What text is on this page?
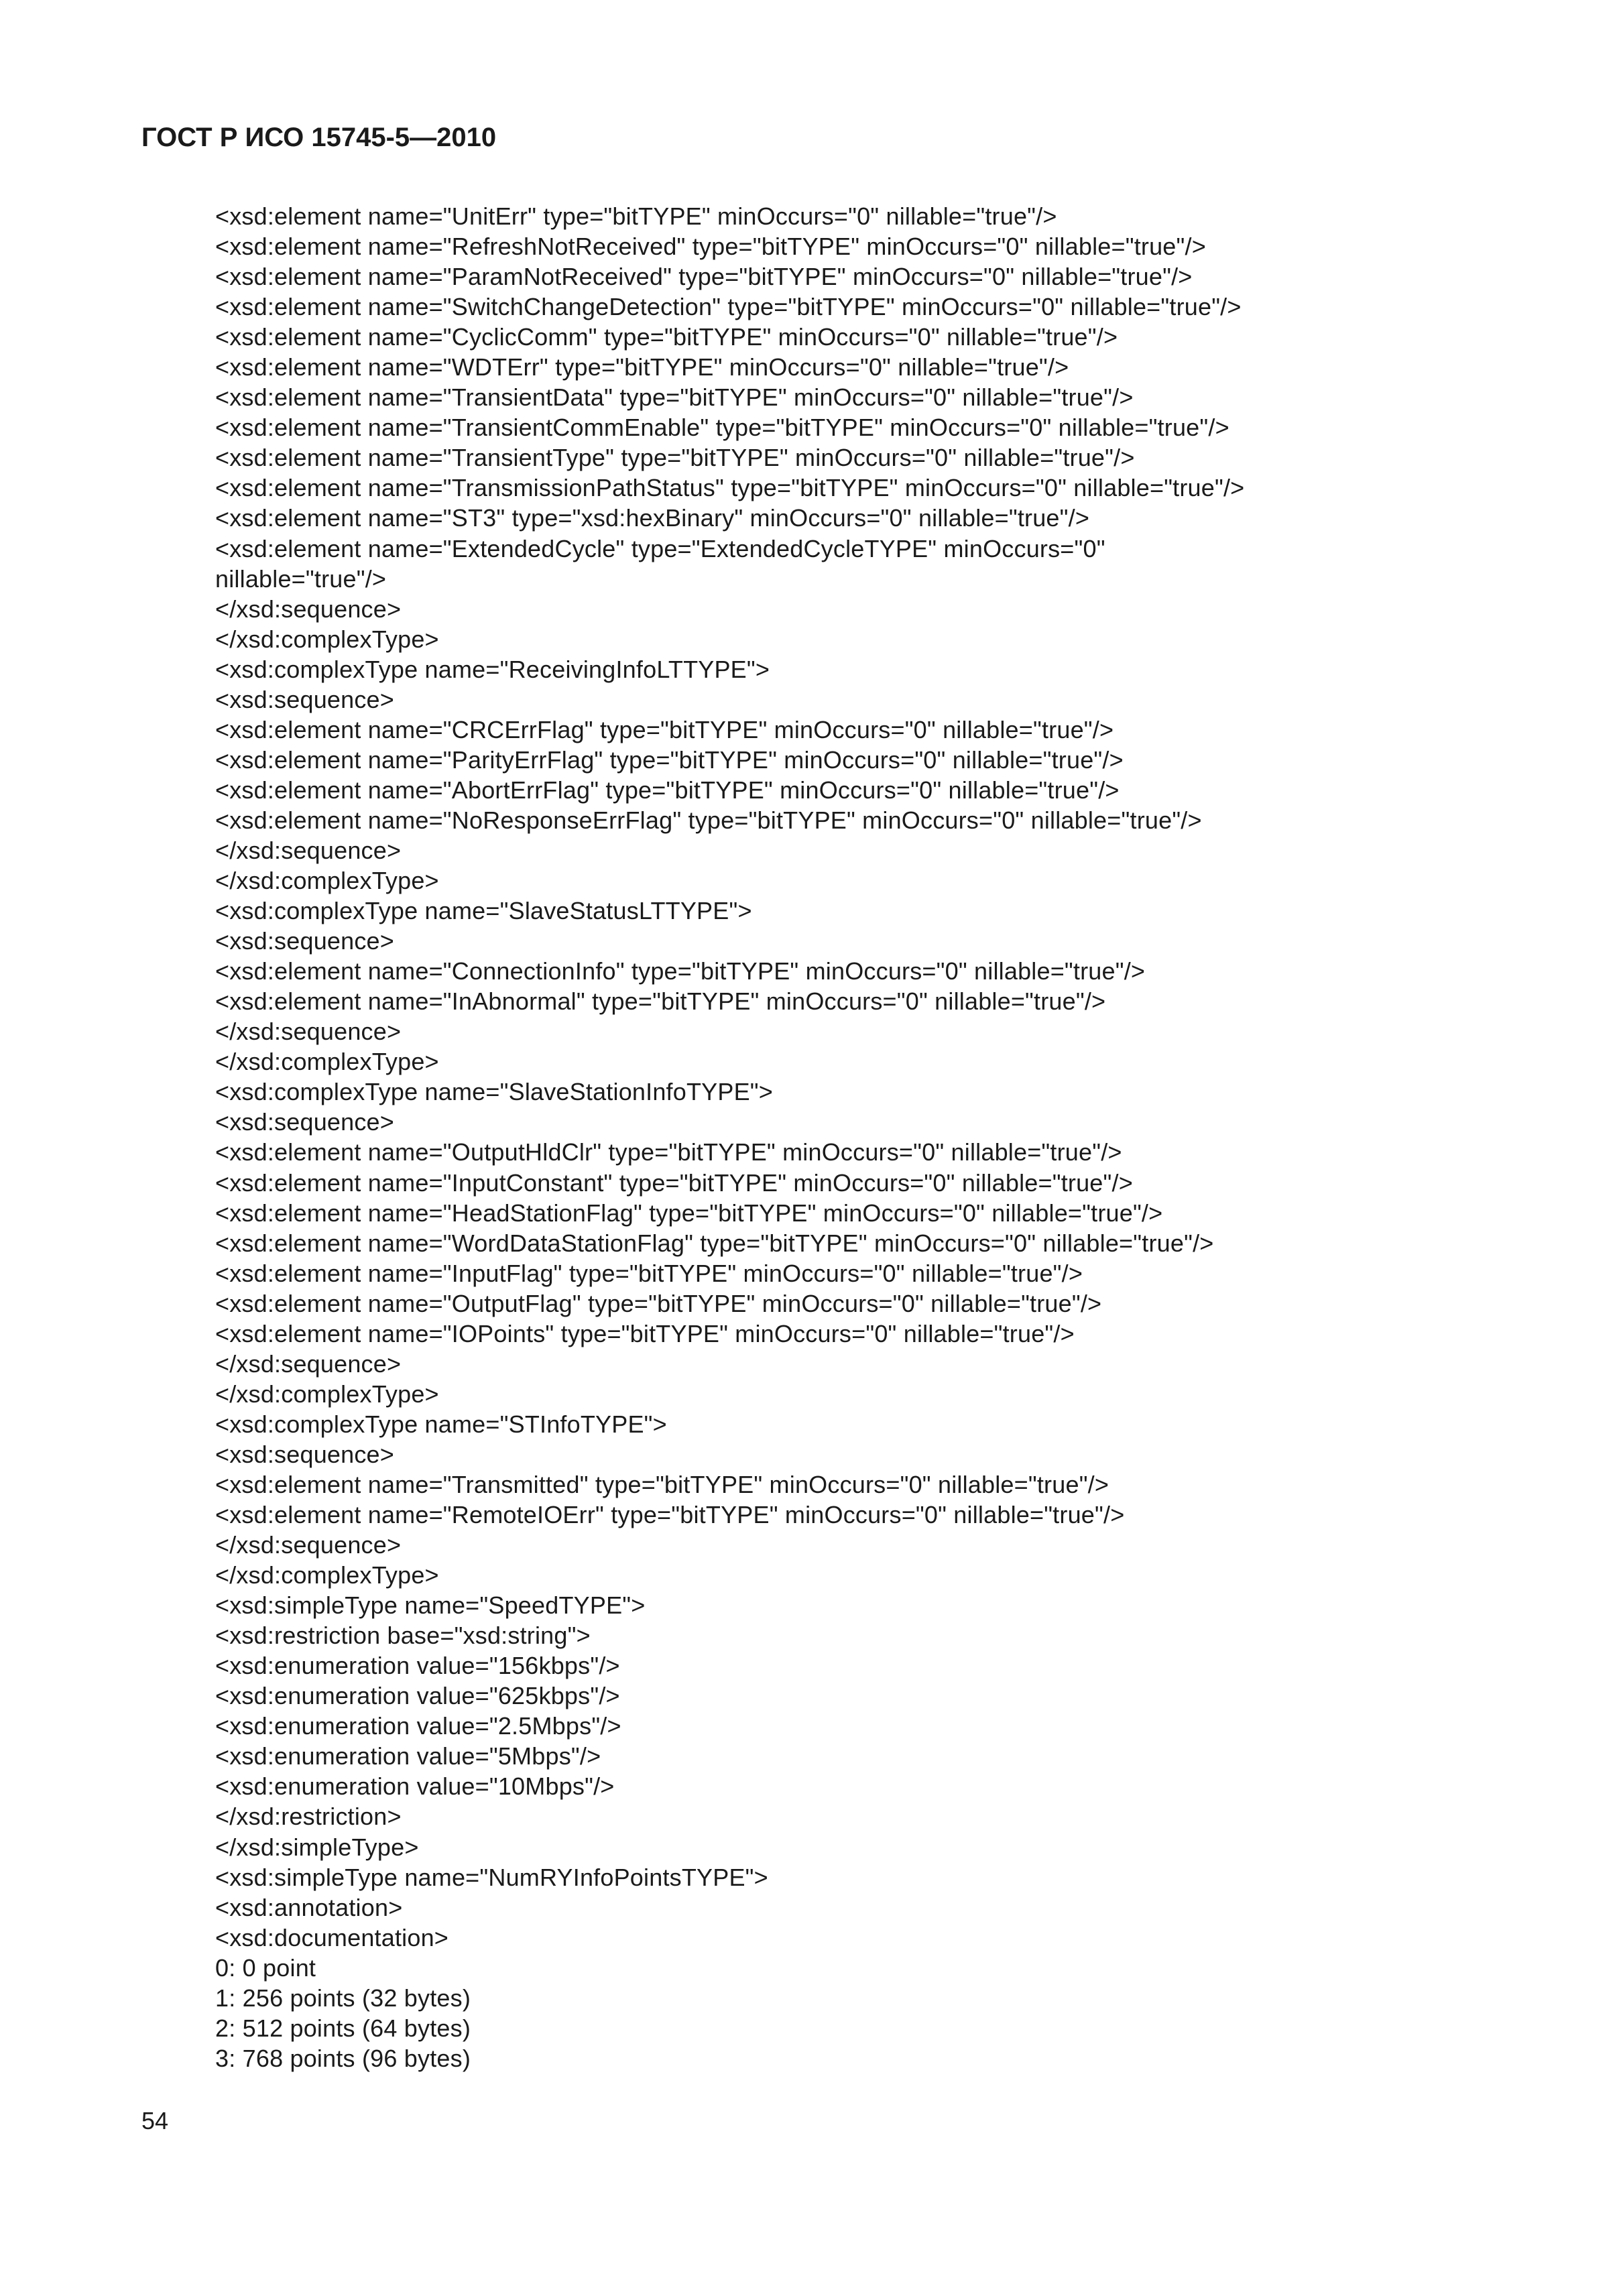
ГОСТ Р ИСО 15745-5—2010
<xsd:element name="UnitErr" type="bitTYPE" minOccurs="0" nillable="true"/>
<xsd:element name="RefreshNotReceived" type="bitTYPE" minOccurs="0" nillable="true"/>
<xsd:element name="ParamNotReceived" type="bitTYPE" minOccurs="0" nillable="true"/>
<xsd:element name="SwitchChangeDetection" type="bitTYPE" minOccurs="0" nillable="true"/>
<xsd:element name="CyclicComm" type="bitTYPE" minOccurs="0" nillable="true"/>
<xsd:element name="WDTErr" type="bitTYPE" minOccurs="0" nillable="true"/>
<xsd:element name="TransientData" type="bitTYPE" minOccurs="0" nillable="true"/>
<xsd:element name="TransientCommEnable" type="bitTYPE" minOccurs="0" nillable="true"/>
<xsd:element name="TransientType" type="bitTYPE" minOccurs="0" nillable="true"/>
<xsd:element name="TransmissionPathStatus" type="bitTYPE" minOccurs="0" nillable="true"/>
<xsd:element name="ST3" type="xsd:hexBinary" minOccurs="0" nillable="true"/>
<xsd:element name="ExtendedCycle" type="ExtendedCycleTYPE" minOccurs="0"
nillable="true"/>
</xsd:sequence>
</xsd:complexType>
<xsd:complexType name="ReceivingInfoLTTYPE">
<xsd:sequence>
<xsd:element name="CRCErrFlag" type="bitTYPE" minOccurs="0" nillable="true"/>
<xsd:element name="ParityErrFlag" type="bitTYPE" minOccurs="0" nillable="true"/>
<xsd:element name="AbortErrFlag" type="bitTYPE" minOccurs="0" nillable="true"/>
<xsd:element name="NoResponseErrFlag" type="bitTYPE" minOccurs="0" nillable="true"/>
</xsd:sequence>
</xsd:complexType>
<xsd:complexType name="SlaveStatusLTTYPE">
<xsd:sequence>
<xsd:element name="ConnectionInfo" type="bitTYPE" minOccurs="0" nillable="true"/>
<xsd:element name="InAbnormal" type="bitTYPE" minOccurs="0" nillable="true"/>
</xsd:sequence>
</xsd:complexType>
<xsd:complexType name="SlaveStationInfoTYPE">
<xsd:sequence>
<xsd:element name="OutputHldClr" type="bitTYPE" minOccurs="0" nillable="true"/>
<xsd:element name="InputConstant" type="bitTYPE" minOccurs="0" nillable="true"/>
<xsd:element name="HeadStationFlag" type="bitTYPE" minOccurs="0" nillable="true"/>
<xsd:element name="WordDataStationFlag" type="bitTYPE" minOccurs="0" nillable="true"/>
<xsd:element name="InputFlag" type="bitTYPE" minOccurs="0" nillable="true"/>
<xsd:element name="OutputFlag" type="bitTYPE" minOccurs="0" nillable="true"/>
<xsd:element name="IOPoints" type="bitTYPE" minOccurs="0" nillable="true"/>
</xsd:sequence>
</xsd:complexType>
<xsd:complexType name="STInfoTYPE">
<xsd:sequence>
<xsd:element name="Transmitted" type="bitTYPE" minOccurs="0" nillable="true"/>
<xsd:element name="RemoteIOErr" type="bitTYPE" minOccurs="0" nillable="true"/>
</xsd:sequence>
</xsd:complexType>
<xsd:simpleType name="SpeedTYPE">
<xsd:restriction base="xsd:string">
<xsd:enumeration value="156kbps"/>
<xsd:enumeration value="625kbps"/>
<xsd:enumeration value="2.5Mbps"/>
<xsd:enumeration value="5Mbps"/>
<xsd:enumeration value="10Mbps"/>
</xsd:restriction>
</xsd:simpleType>
<xsd:simpleType name="NumRYInfoPointsTYPE">
<xsd:annotation>
<xsd:documentation>
0: 0 point
1: 256 points (32 bytes)
2: 512 points (64 bytes)
3: 768 points (96 bytes)
54
